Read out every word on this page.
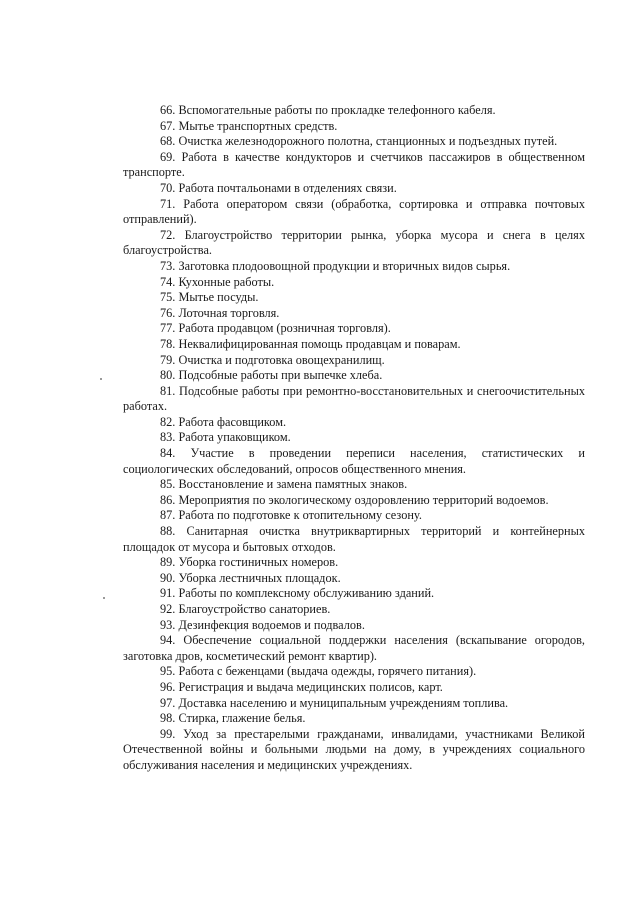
66. Вспомогательные работы по прокладке телефонного кабеля.
67. Мытье транспортных средств.
68. Очистка железнодорожного полотна, станционных и подъездных путей.
69. Работа в качестве кондукторов и счетчиков пассажиров в общественном транспорте.
70. Работа почтальонами в отделениях связи.
71. Работа оператором связи (обработка, сортировка и отправка почтовых отправлений).
72. Благоустройство территории рынка, уборка мусора и снега в целях благоустройства.
73. Заготовка плодоовощной продукции и вторичных видов сырья.
74. Кухонные работы.
75. Мытье посуды.
76. Лоточная торговля.
77. Работа продавцом (розничная торговля).
78. Неквалифицированная помощь продавцам и поварам.
79. Очистка и подготовка овощехранилищ.
80. Подсобные работы при выпечке хлеба.
81. Подсобные работы при ремонтно-восстановительных и снегоочистительных работах.
82. Работа фасовщиком.
83. Работа упаковщиком.
84. Участие в проведении переписи населения, статистических и социологических обследований, опросов общественного мнения.
85. Восстановление и замена памятных знаков.
86. Мероприятия по экологическому оздоровлению территорий водоемов.
87. Работа по подготовке к отопительному сезону.
88. Санитарная очистка внутриквартирных территорий и контейнерных площадок от мусора и бытовых отходов.
89. Уборка гостиничных номеров.
90. Уборка лестничных площадок.
91. Работы по комплексному обслуживанию зданий.
92. Благоустройство санаториев.
93. Дезинфекция водоемов и подвалов.
94. Обеспечение социальной поддержки населения (вскапывание огородов, заготовка дров, косметический ремонт квартир).
95. Работа с беженцами (выдача одежды, горячего питания).
96. Регистрация и выдача медицинских полисов, карт.
97. Доставка населению и муниципальным учреждениям топлива.
98. Стирка, глажение белья.
99. Уход за престарелыми гражданами, инвалидами, участниками Великой Отечественной войны и больными людьми на дому, в учреждениях социального обслуживания населения и медицинских учреждениях.
